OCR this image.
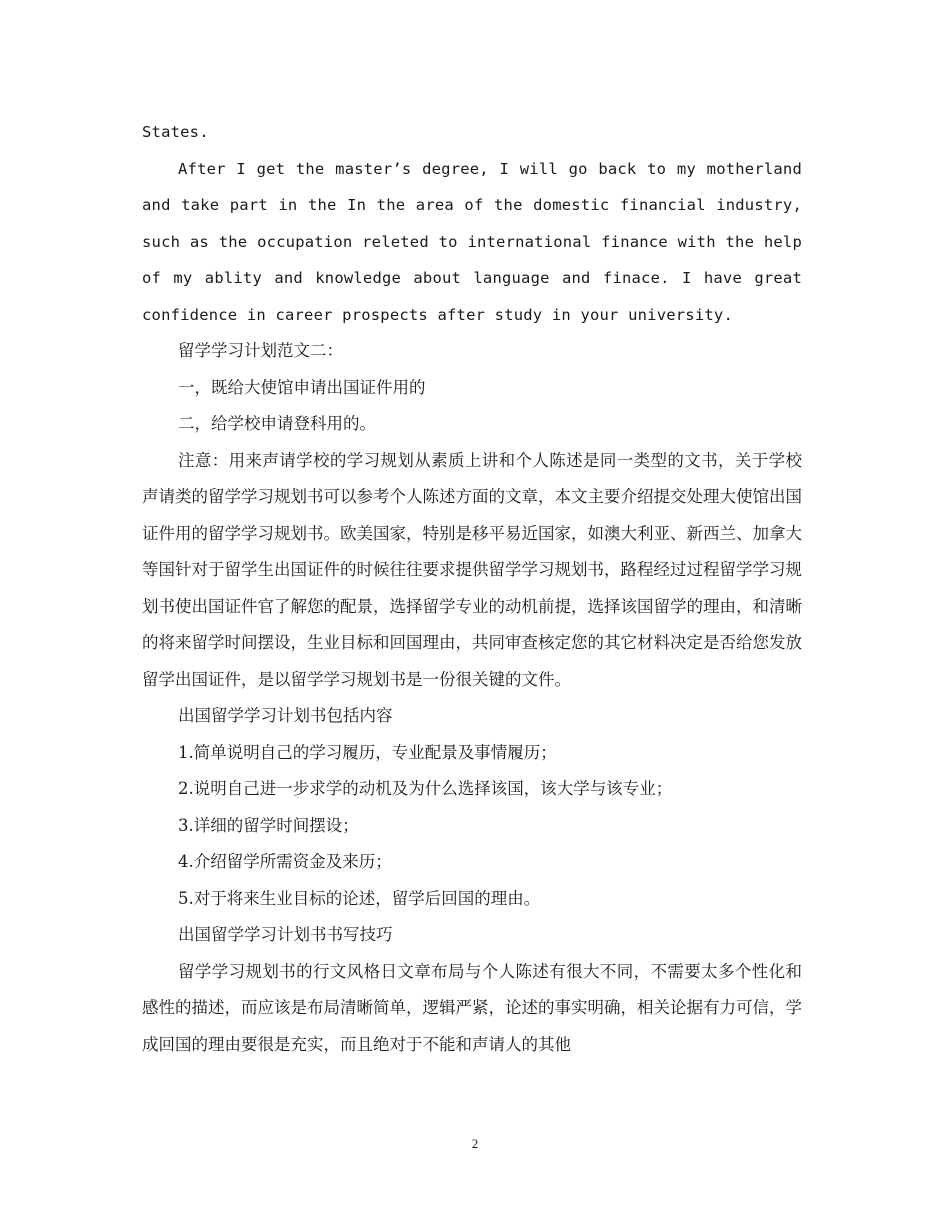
States.

After I get the master’s degree, I will go back to my motherland and take part in the In the area of the domestic financial industry, such as the occupation releted to international finance with the help of my ablity and knowledge about language and finace. I have great confidence in career prospects after study in your university.

留学学习计划范文二：

一，既给大使馆申请出国证件用的

二，给学校申请登科用的。

注意：用来声请学校的学习规划从素质上讲和个人陈述是同一类型的文书，关于学校声请类的留学学习规划书可以参考个人陈述方面的文章，本文主要介绍提交处理大使馆出国证件用的留学学习规划书。欧美国家，特别是移平易近国家，如澳大利亚、新西兰、加拿大等国针对于留学生出国证件的时候往往要求提供留学学习规划书，路程经过过程留学学习规划书使出国证件官了解您的配景，选择留学专业的动机前提，选择该国留学的理由，和清晰的将来留学时间摆设，生业目标和回国理由，共同审查核定您的其它材料决定是否给您发放留学出国证件，是以留学学习规划书是一份很关键的文件。

出国留学学习计划书包括内容

1.简单说明自己的学习履历，专业配景及事情履历；

2.说明自己进一步求学的动机及为什么选择该国，该大学与该专业；

3.详细的留学时间摆设；

4.介绍留学所需资金及来历；

5.对于将来生业目标的论述，留学后回国的理由。

出国留学学习计划书书写技巧

留学学习规划书的行文风格日文章布局与个人陈述有很大不同，不需要太多个性化和感性的描述，而应该是布局清晰简单，逻辑严紧，论述的事实明确，相关论据有力可信，学成回国的理由要很是充实，而且绝对于不能和声请人的其他

2
